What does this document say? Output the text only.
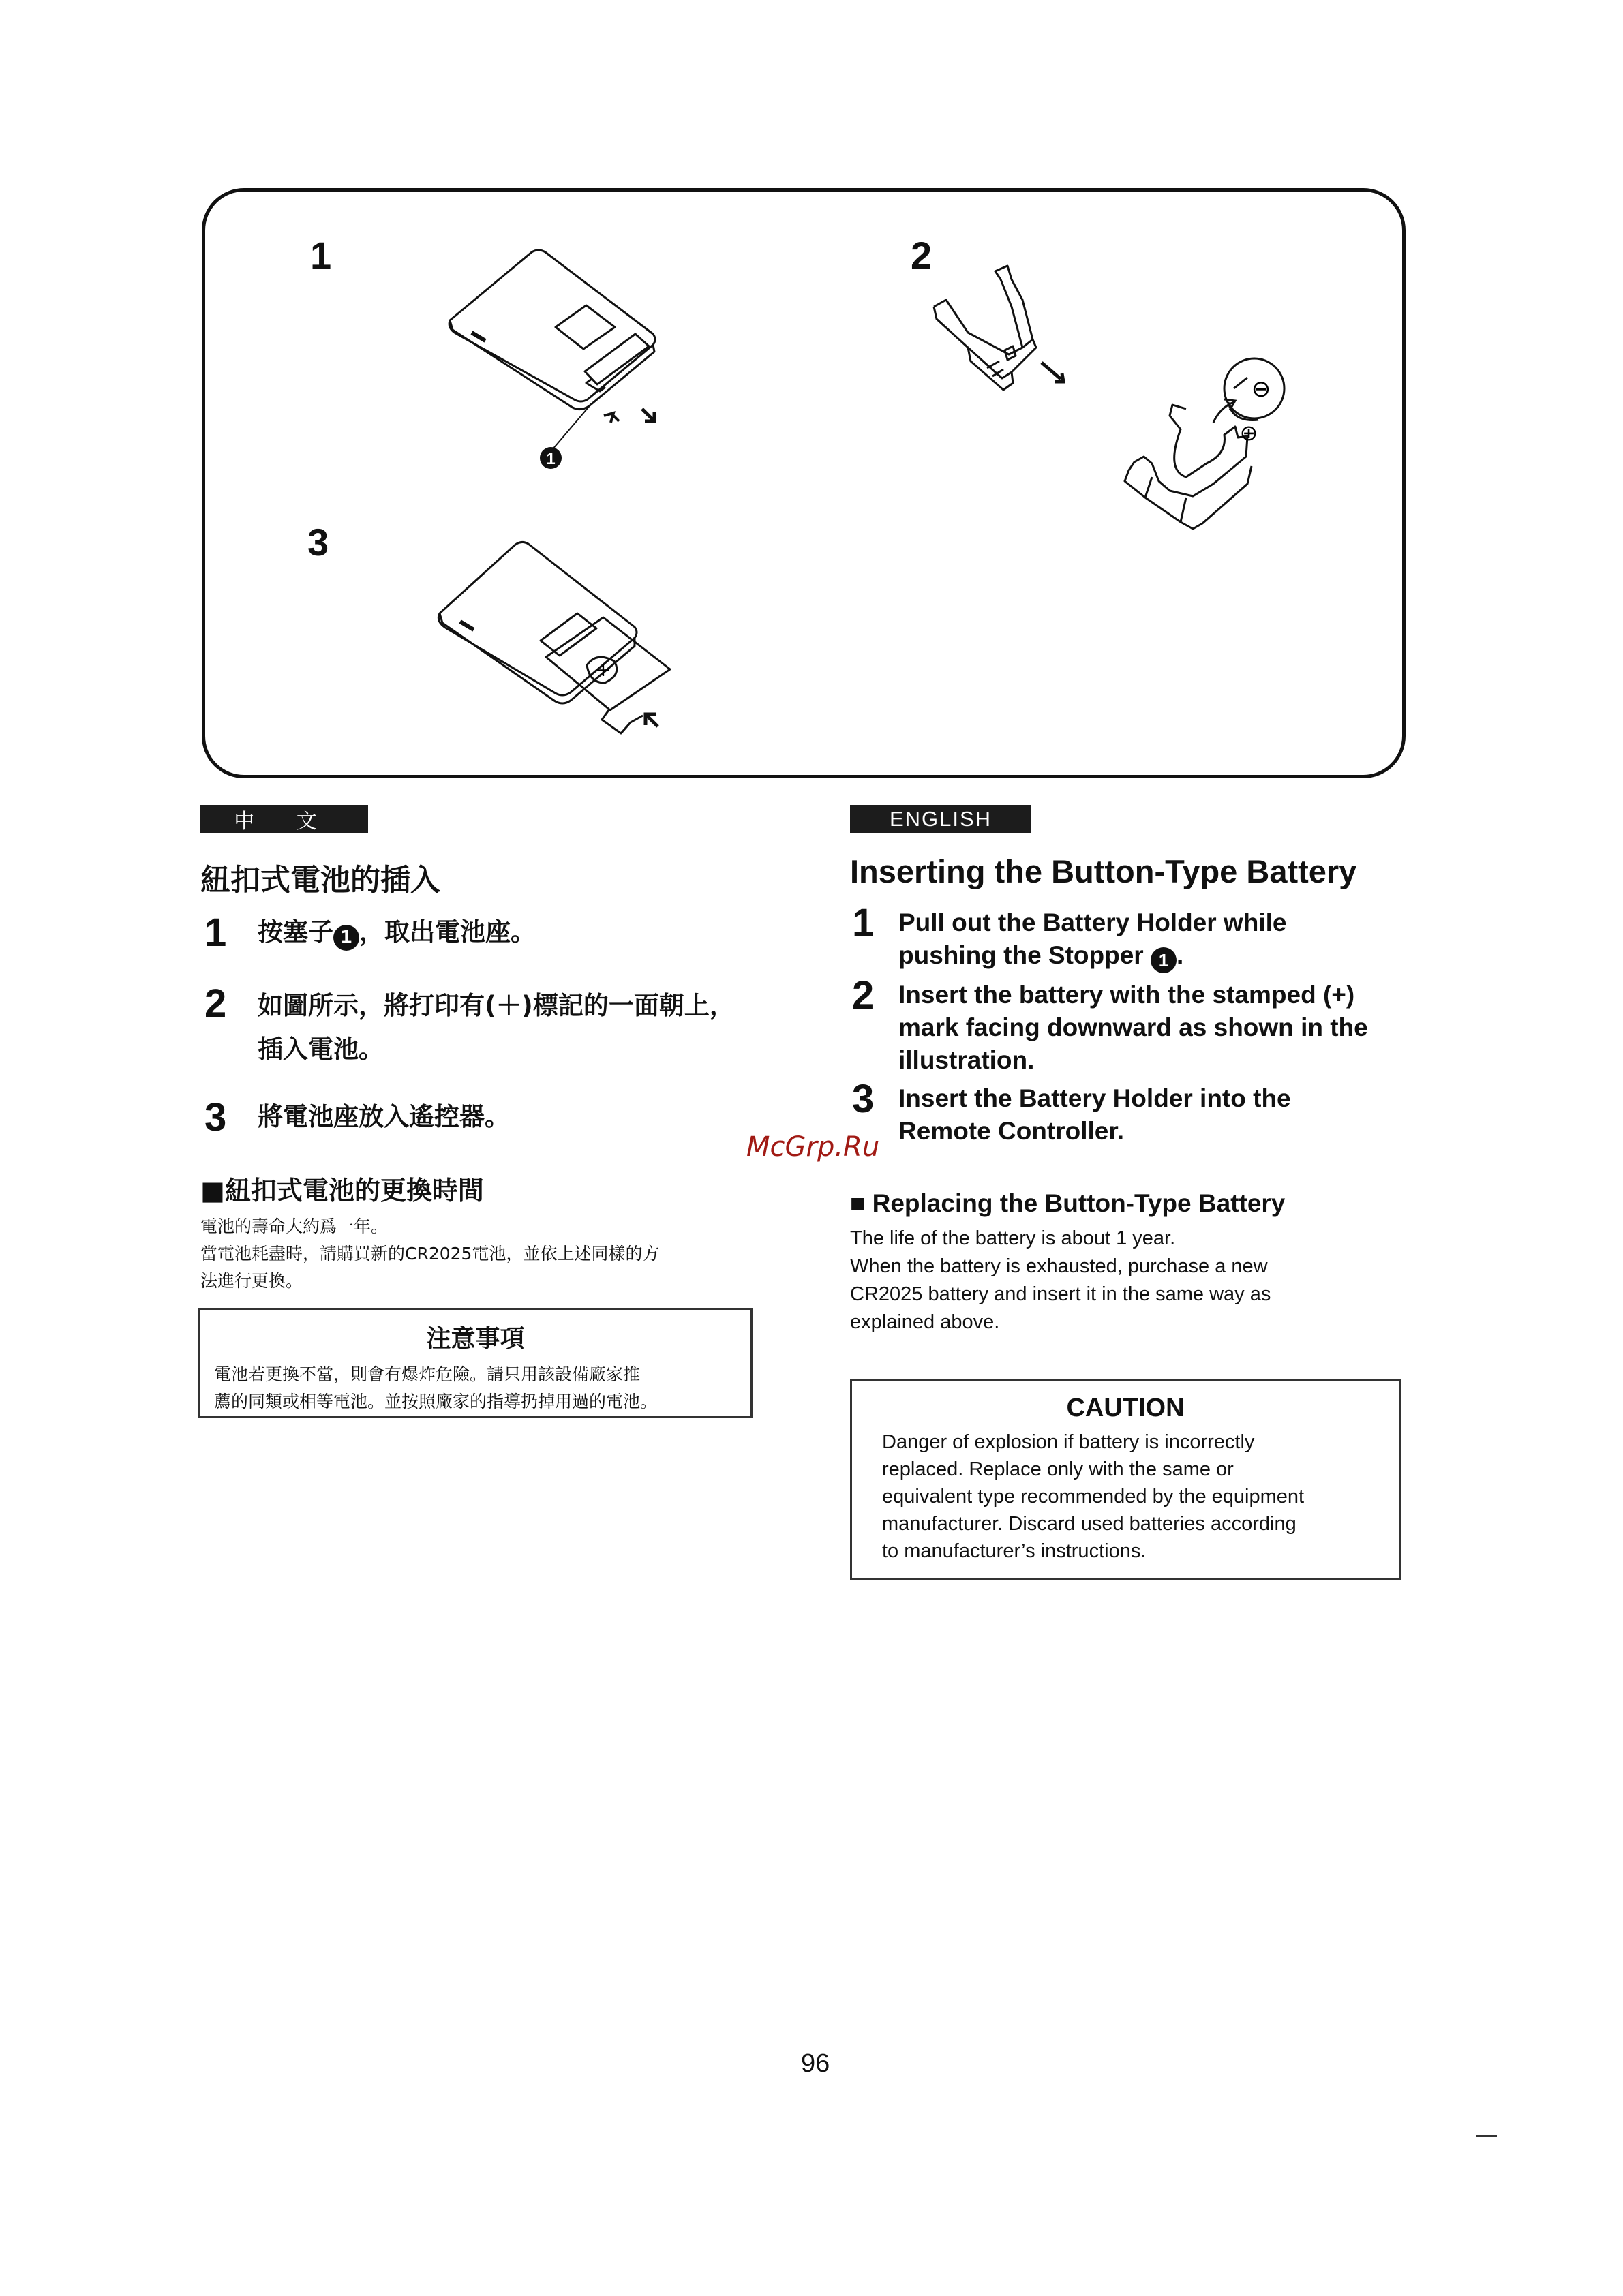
1	2
3
1
⊖
⊕
+
中 文
紐扣式電池的插入
1	按塞子 1 ，取出電池座。
2	如圖所示，將打印有(＋)標記的一面朝上，
插入電池。
3	將電池座放入遙控器。
■紐扣式電池的更換時間
電池的壽命大約爲一年。
當電池耗盡時，請購買新的CR2025電池，並依上述同樣的方
法進行更換。
注意事項
電池若更換不當，則會有爆炸危險。請只用該設備廠家推
薦的同類或相等電池。並按照廠家的指導扔掉用過的電池。
McGrp.Ru
ENGLISH
Inserting the Button-Type Battery
1 Pull out the Battery Holder while
pushing the Stopper 1 .
2 Insert the battery with the stamped (+)
mark facing downward as shown in the
illustration.
3 Insert the Battery Holder into the
Remote Controller.
■ Replacing the Button-Type Battery
The life of the battery is about 1 year.
When the battery is exhausted, purchase a new
CR2025 battery and insert it in the same way as
explained above.
CAUTION
Danger of explosion if battery is incorrectly
replaced. Replace only with the same or
equivalent type recommended by the equipment
manufacturer. Discard used batteries according
to manufacturer’s instructions.
96
